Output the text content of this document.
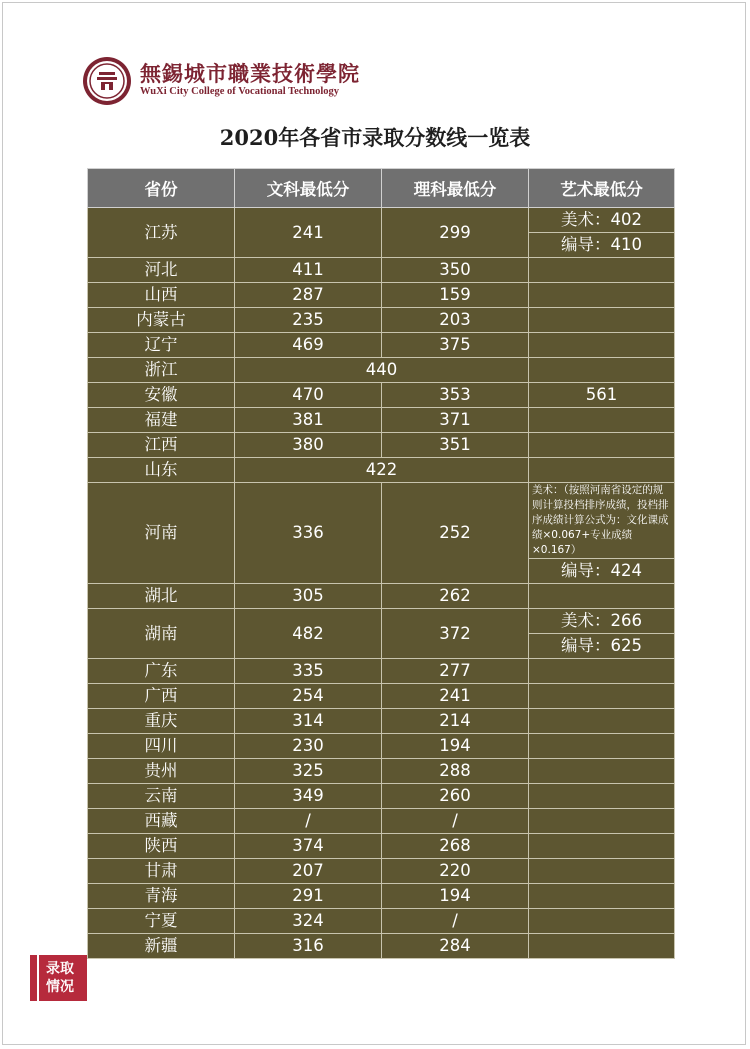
無錫城市職業技術學院
WuXi City College of Vocational Technology
2020年各省市录取分数线一览表
省份	文科最低分	理科最低分	艺术最低分
江苏	241	299	美术：402
			编导：410
河北	411	350	
山西	287	159	
内蒙古	235	203	
辽宁	469	375	
浙江	440		
安徽	470	353	561
福建	381	371	
江西	380	351	
山东	422		
河南	336	252	美术：（按照河南省设定的规则计算投档排序成绩，投档排序成绩计算公式为：文化课成绩×0.067+专业成绩×0.167）
			编导：424
湖北	305	262	
湖南	482	372	美术：266
			编导：625
广东	335	277	
广西	254	241	
重庆	314	214	
四川	230	194	
贵州	325	288	
云南	349	260	
西藏	/	/	
陕西	374	268	
甘肃	207	220	
青海	291	194	
宁夏	324	/	
新疆	316	284	
录取
情况
